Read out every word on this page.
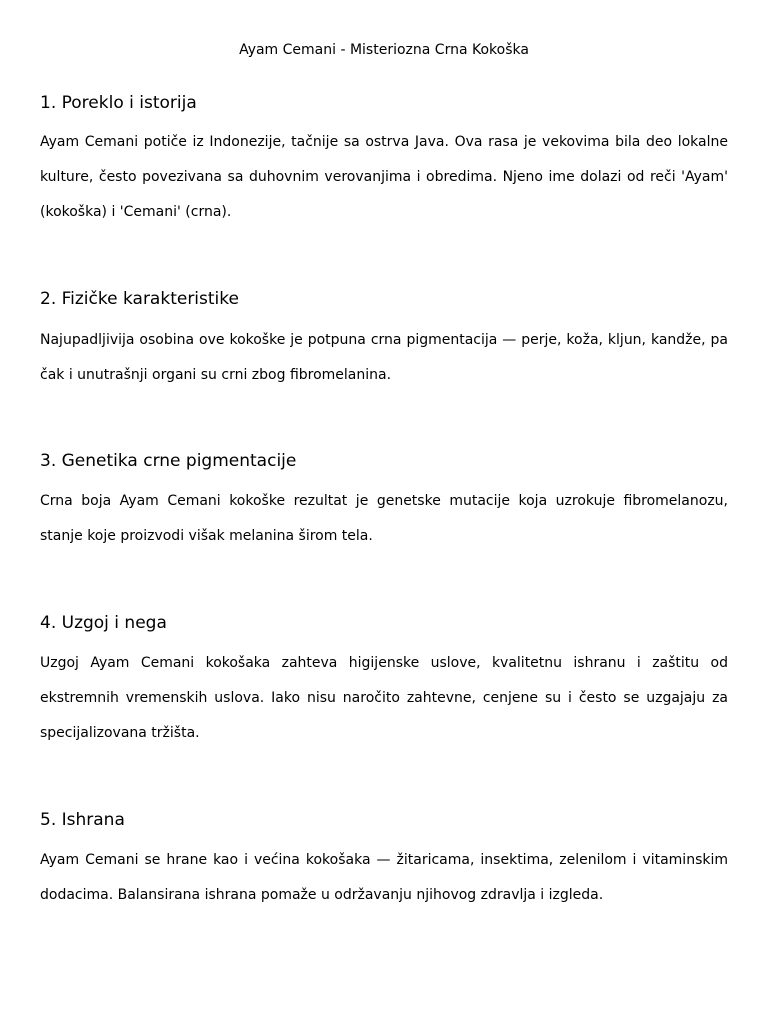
Ayam Cemani - Misteriozna Crna Kokoška
1. Poreklo i istorija

Ayam Cemani potiče iz Indonezije, tačnije sa ostrva Java. Ova rasa je vekovima bila deo lokalne kulture, često povezivana sa duhovnim verovanjima i obredima. Njeno ime dolazi od reči 'Ayam' (kokoška) i 'Cemani' (crna).

2. Fizičke karakteristike

Najupadljivija osobina ove kokoške je potpuna crna pigmentacija — perje, koža, kljun, kandže, pa čak i unutrašnji organi su crni zbog fibromelanina.

3. Genetika crne pigmentacije

Crna boja Ayam Cemani kokoške rezultat je genetske mutacije koja uzrokuje fibromelanozu, stanje koje proizvodi višak melanina širom tela.

4. Uzgoj i nega

Uzgoj Ayam Cemani kokošaka zahteva higijenske uslove, kvalitetnu ishranu i zaštitu od ekstremnih vremenskih uslova. Iako nisu naročito zahtevne, cenjene su i često se uzgajaju za specijalizovana tržišta.

5. Ishrana

Ayam Cemani se hrane kao i većina kokošaka — žitaricama, insektima, zelenilom i vitaminskim dodacima. Balansirana ishrana pomaže u održavanju njihovog zdravlja i izgleda.
